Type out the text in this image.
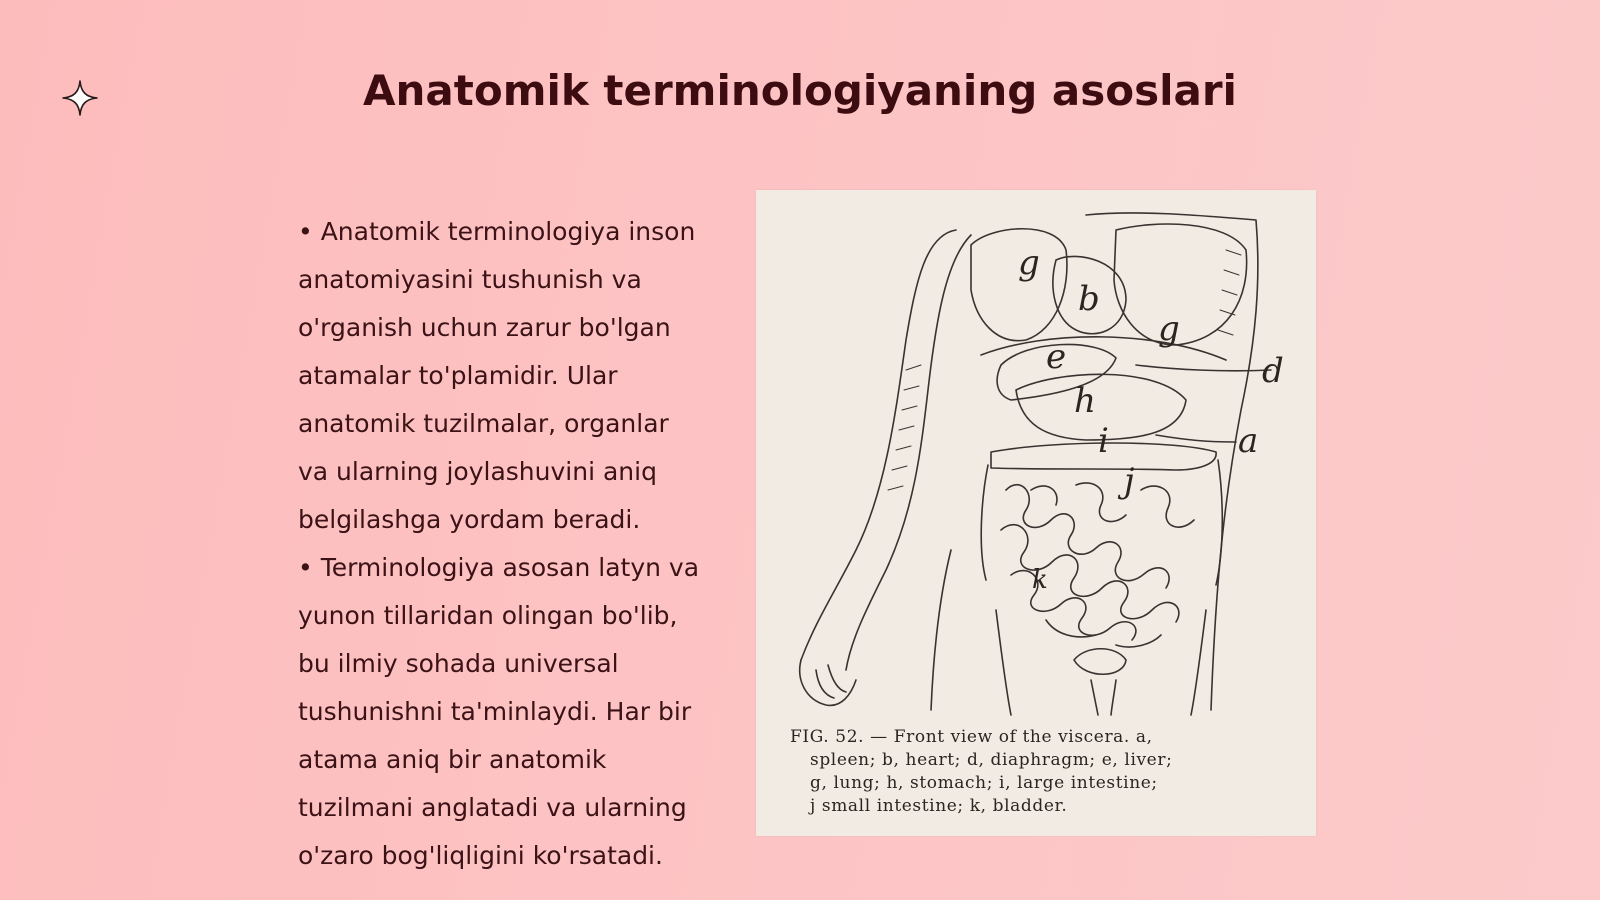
Anatomik terminologiyaning asoslari

• Anatomik terminologiya inson anatomiyasini tushunish va o'rganish uchun zarur bo'lgan atamalar to'plamidir. Ular anatomik tuzilmalar, organlar va ularning joylashuvini aniq belgilashga yordam beradi.

• Terminologiya asosan latyn va yunon tillaridan olingan bo'lib, bu ilmiy sohada universal tushunishni ta'minlaydi. Har bir atama aniq bir anatomik tuzilmani anglatadi va ularning o'zaro bog'liqligini ko'rsatadi.

g
b
g
d
e
h
i	a
j
k
FIG. 52. — Front view of the viscera. a,
spleen; b, heart; d, diaphragm; e, liver;
g, lung; h, stomach; i, large intestine;
j small intestine; k, bladder.
